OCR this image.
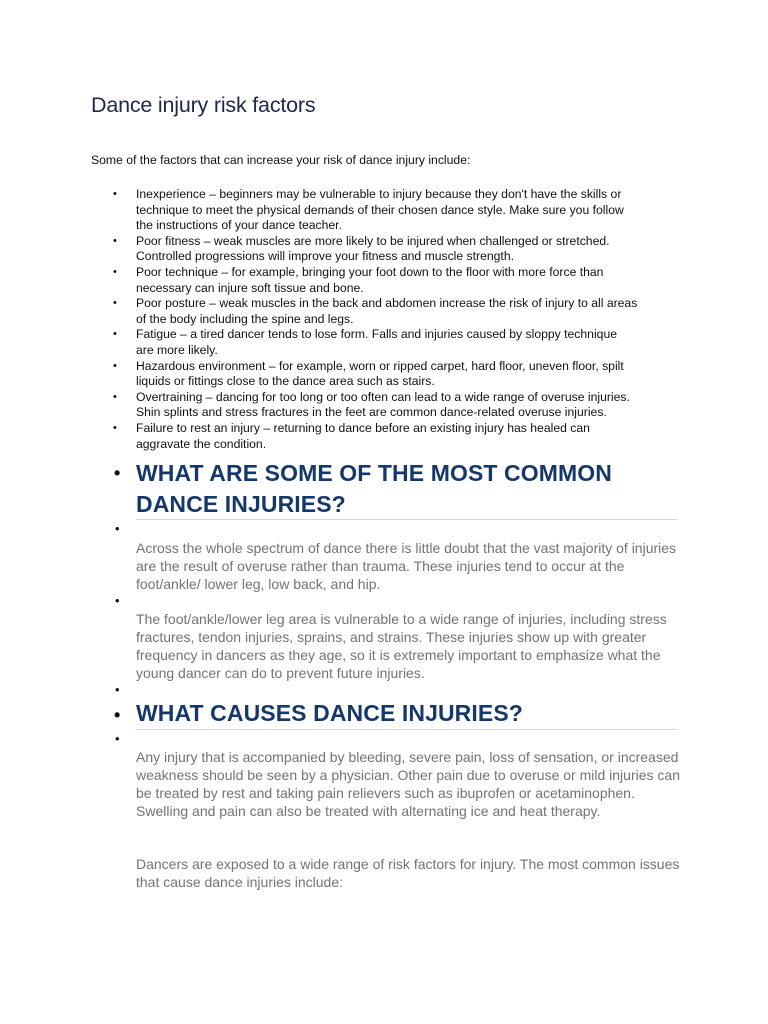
Dance injury risk factors

Some of the factors that can increase your risk of dance injury include:

• Inexperience – beginners may be vulnerable to injury because they don't have the skills or
technique to meet the physical demands of their chosen dance style. Make sure you follow
the instructions of your dance teacher.
• Poor fitness – weak muscles are more likely to be injured when challenged or stretched.
Controlled progressions will improve your fitness and muscle strength.
• Poor technique – for example, bringing your foot down to the floor with more force than
necessary can injure soft tissue and bone.
• Poor posture – weak muscles in the back and abdomen increase the risk of injury to all areas
of the body including the spine and legs.
• Fatigue – a tired dancer tends to lose form. Falls and injuries caused by sloppy technique
are more likely.
• Hazardous environment – for example, worn or ripped carpet, hard floor, uneven floor, spilt
liquids or fittings close to the dance area such as stairs.
• Overtraining – dancing for too long or too often can lead to a wide range of overuse injuries.
Shin splints and stress fractures in the feet are common dance-related overuse injuries.
• Failure to rest an injury – returning to dance before an existing injury has healed can
aggravate the condition.
• WHAT ARE SOME OF THE MOST COMMON
DANCE INJURIES?
•

Across the whole spectrum of dance there is little doubt that the vast majority of injuries are the result of overuse rather than trauma. These injuries tend to occur at the foot/ankle/ lower leg, low back, and hip.

•

The foot/ankle/lower leg area is vulnerable to a wide range of injuries, including stress fractures, tendon injuries, sprains, and strains. These injuries show up with greater frequency in dancers as they age, so it is extremely important to emphasize what the young dancer can do to prevent future injuries.

•
• WHAT CAUSES DANCE INJURIES?
•

Any injury that is accompanied by bleeding, severe pain, loss of sensation, or increased weakness should be seen by a physician. Other pain due to overuse or mild injuries can be treated by rest and taking pain relievers such as ibuprofen or acetaminophen. Swelling and pain can also be treated with alternating ice and heat therapy.

Dancers are exposed to a wide range of risk factors for injury. The most common issues that cause dance injuries include:
